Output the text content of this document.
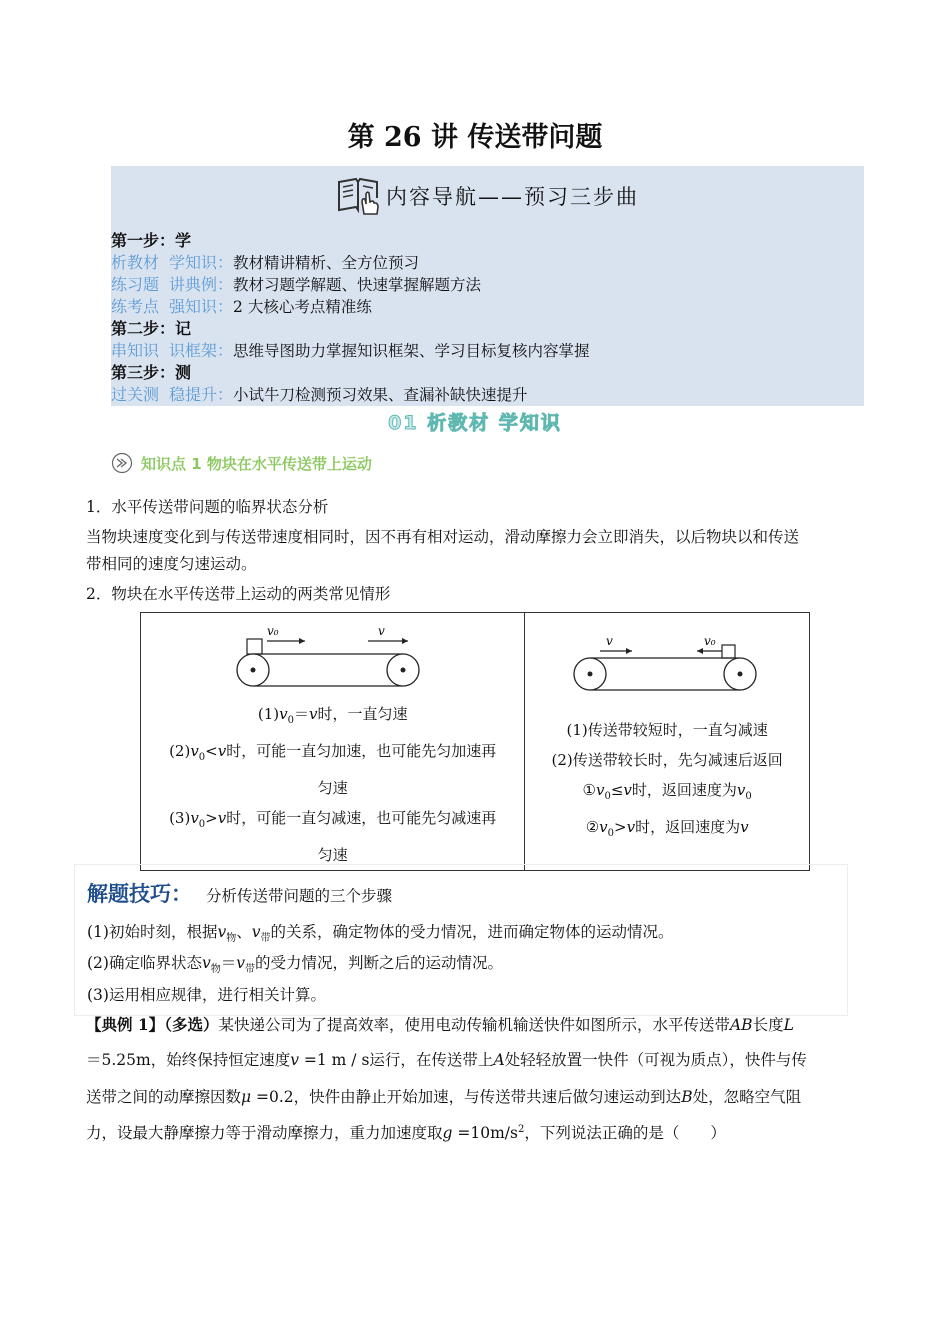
第 26 讲 传送带问题
内容导航——预习三步曲
第一步：学
析教材 学知识：教材精讲精析、全方位预习
练习题 讲典例：教材习题学解题、快速掌握解题方法
练考点 强知识：2 大核心考点精准练
第二步：记
串知识 识框架：思维导图助力掌握知识框架、学习目标复核内容掌握
第三步：测
过关测 稳提升：小试牛刀检测预习效果、查漏补缺快速提升
01 析教材 学知识
知识点 1 物块在水平传送带上运动
1．水平传送带问题的临界状态分析
当物块速度变化到与传送带速度相同时，因不再有相对运动，滑动摩擦力会立即消失，以后物块以和传送
带相同的速度匀速运动。
2．物块在水平传送带上运动的两类常见情形
v₀	v
$(1)v_0=v$时，一直匀速
$(2)v_0<v$时，可能一直匀加速，也可能先匀加速再
匀速
$(3)v_0>v$时，可能一直匀减速，也可能先匀减速再
匀速

v	v₀
(1)传送带较短时，一直匀减速
(2)传送带较长时，先匀减速后返回
$①v_0\le v$时，返回速度为$v_0$
$②v_0>v$时，返回速度为v
解题技巧： 分析传送带问题的三个步骤
(1)初始时刻，根据$v_物$、$v_带$的关系，确定物体的受力情况，进而确定物体的运动情况。
(2)确定临界状态$v_物=v_带$的受力情况，判断之后的运动情况。
(3)运用相应规律，进行相关计算。
【典例 1】（多选）某快递公司为了提高效率，使用电动传输机输送快件如图所示，水平传送带AB长度L
＝5.25m，始终保持恒定速度v =1 m / s运行，在传送带上A处轻轻放置一快件（可视为质点），快件与传
送带之间的动摩擦因数μ =0.2，快件由静止开始加速，与传送带共速后做匀速运动到达B处，忽略空气阻
力，设最大静摩擦力等于滑动摩擦力，重力加速度取$g =10m/s^2$，下列说法正确的是（　　）
